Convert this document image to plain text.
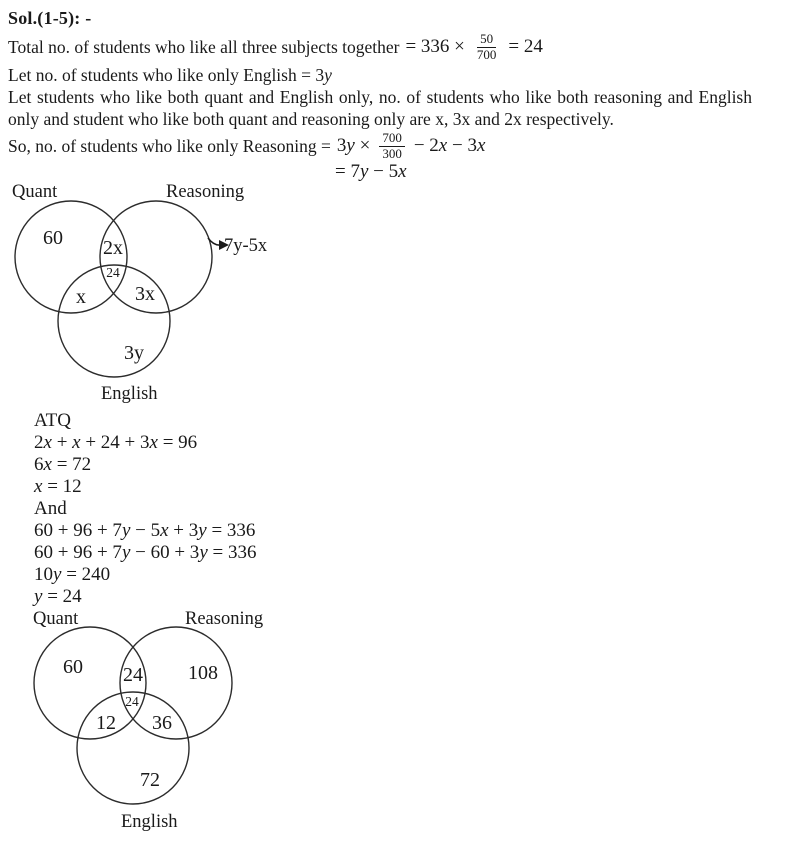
Sol.(1-5): -
Total no. of students who like all three subjects together = $336 \times \frac{50}{700} = 24$
Let no. of students who like only English = 3y
Let students who like both quant and English only, no. of students who like both reasoning and English only and student who like both quant and reasoning only are x, 3x and 2x respectively.
So, no. of students who like only Reasoning = $3y \times \frac{700}{300} - 2x - 3x$
= 7y − 5x
Quant	Reasoning
60 2x
24
x 3x
3y
English
7y-5x
ATQ
2x + x + 24 + 3x = 96
6x = 72
x = 12
And
60 + 96 + 7y − 5x + 3y = 336
60 + 96 + 7y − 60 + 3y = 336
10y = 240
y = 24
Quant	Reasoning
60 24 108
24
12 36
72
English
